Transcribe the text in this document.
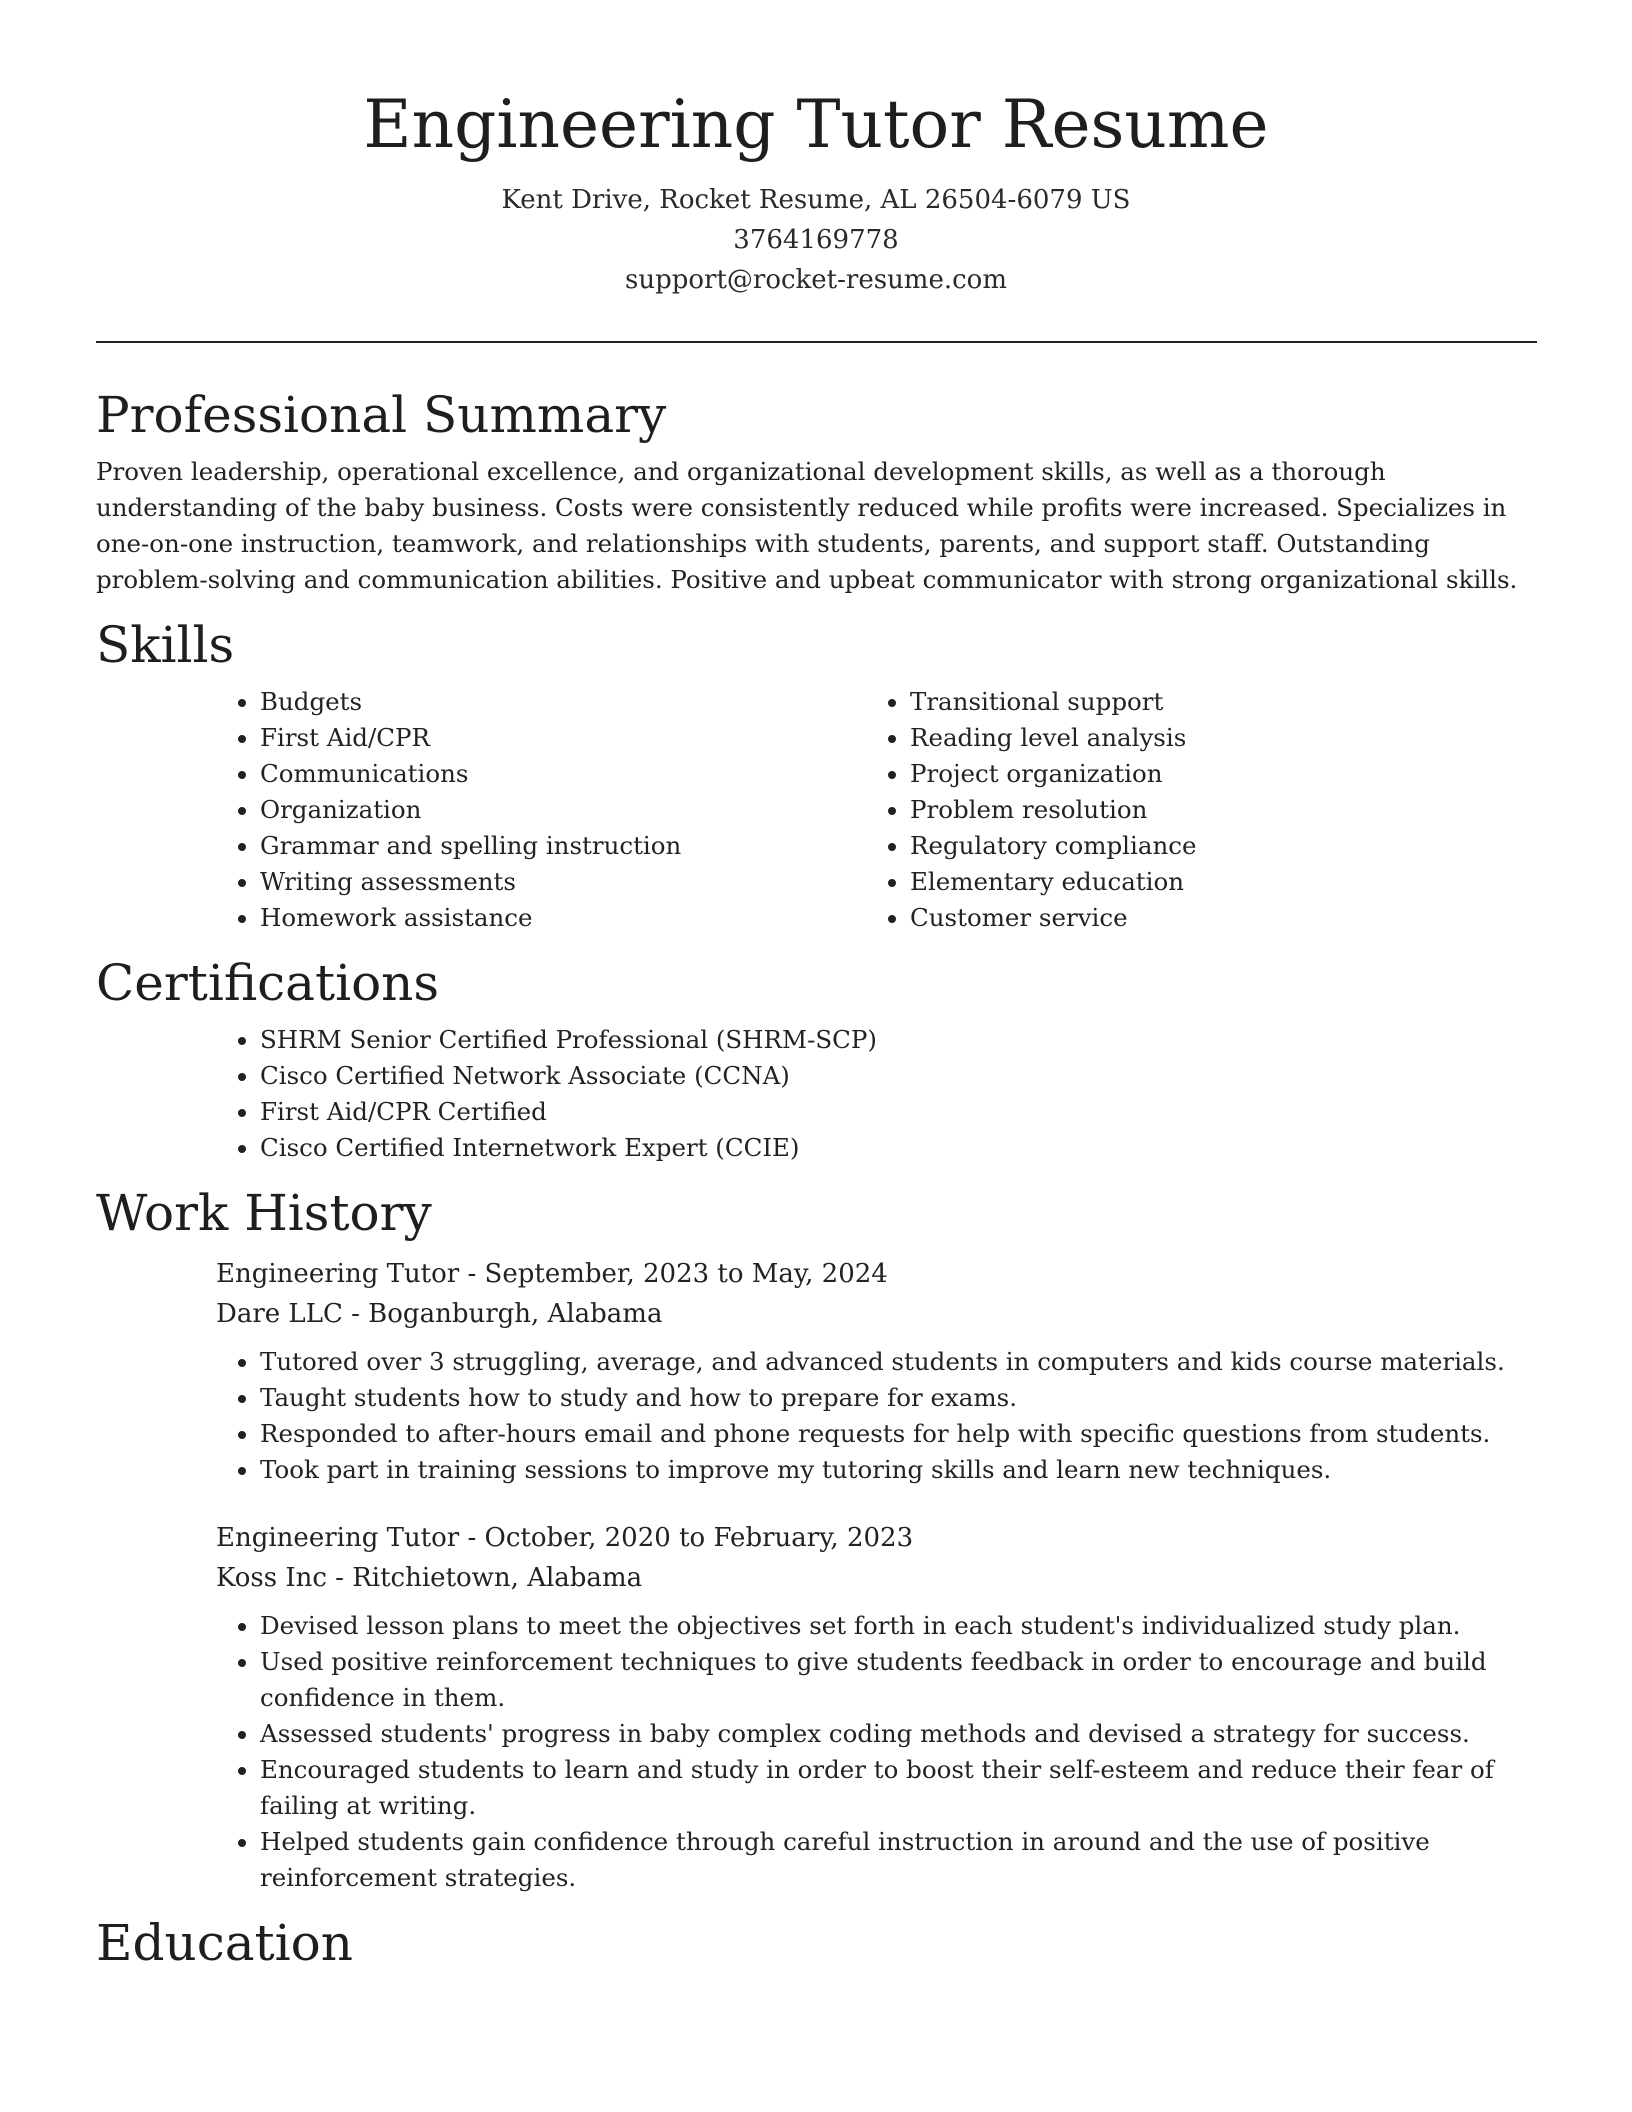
Engineering Tutor Resume

Kent Drive, Rocket Resume, AL 26504-6079 US

3764169778

support@rocket-resume.com

Professional Summary

Proven leadership, operational excellence, and organizational development skills, as well as a thorough understanding of the baby business. Costs were consistently reduced while profits were increased. Specializes in one-on-one instruction, teamwork, and relationships with students, parents, and support staff. Outstanding problem-solving and communication abilities. Positive and upbeat communicator with strong organizational skills.

Skills
• Budgets
• First Aid/CPR
• Communications
• Organization
• Grammar and spelling instruction
• Writing assessments
• Homework assistance
• Transitional support
• Reading level analysis
• Project organization
• Problem resolution
• Regulatory compliance
• Elementary education
• Customer service
Certifications
• SHRM Senior Certified Professional (SHRM-SCP)
• Cisco Certified Network Associate (CCNA)
• First Aid/CPR Certified
• Cisco Certified Internetwork Expert (CCIE)
Work History

Engineering Tutor - September, 2023 to May, 2024

Dare LLC - Boganburgh, Alabama

• Tutored over 3 struggling, average, and advanced students in computers and kids course materials.
• Taught students how to study and how to prepare for exams.
• Responded to after-hours email and phone requests for help with specific questions from students.
• Took part in training sessions to improve my tutoring skills and learn new techniques.

Engineering Tutor - October, 2020 to February, 2023

Koss Inc - Ritchietown, Alabama

• Devised lesson plans to meet the objectives set forth in each student's individualized study plan.
• Used positive reinforcement techniques to give students feedback in order to encourage and build confidence in them.
• Assessed students' progress in baby complex coding methods and devised a strategy for success.
• Encouraged students to learn and study in order to boost their self-esteem and reduce their fear of failing at writing.
• Helped students gain confidence through careful instruction in around and the use of positive reinforcement strategies.
Education
